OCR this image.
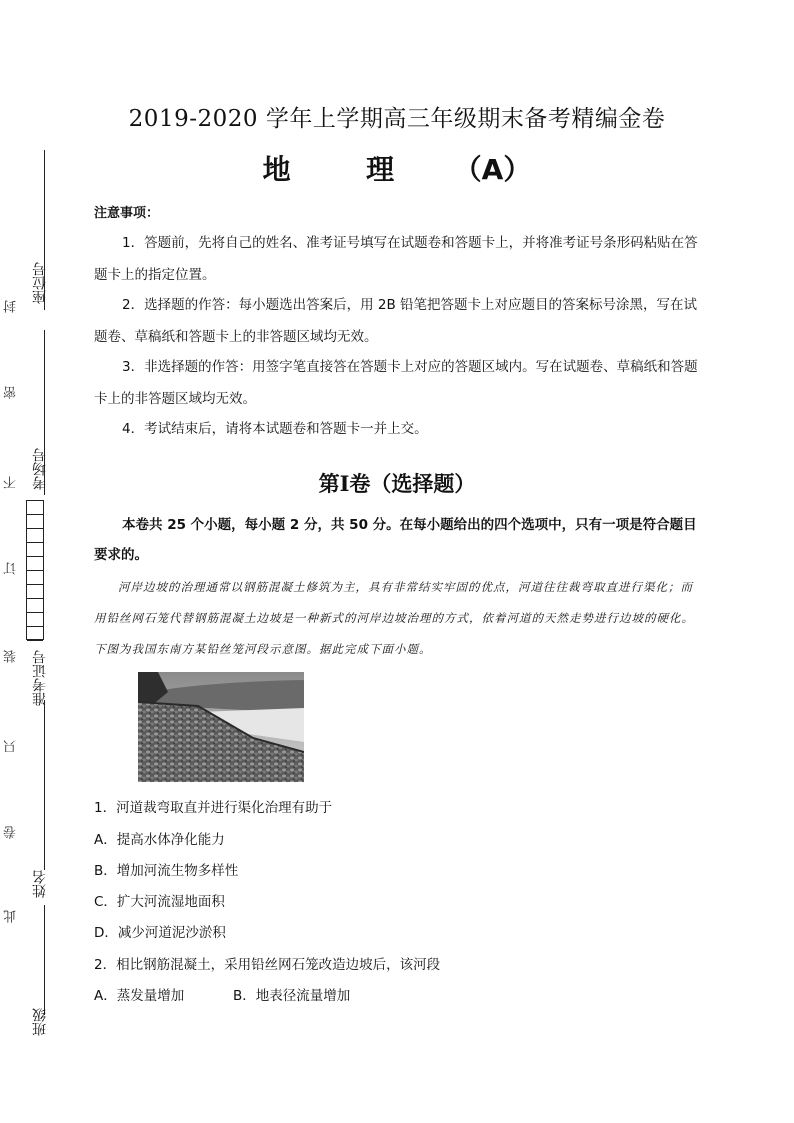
座位号
考场号
准考证号
姓名
班级
封
密
不
订
装
只
卷
此
2019-2020 学年上学期高三年级期末备考精编金卷
地	理 （A）
注意事项：
1．答题前，先将自己的姓名、准考证号填写在试题卷和答题卡上，并将准考证号条形码粘贴在答题卡上的指定位置。
2．选择题的作答：每小题选出答案后，用 2B 铅笔把答题卡上对应题目的答案标号涂黑，写在试题卷、草稿纸和答题卡上的非答题区域均无效。
3．非选择题的作答：用签字笔直接答在答题卡上对应的答题区域内。写在试题卷、草稿纸和答题卡上的非答题区域均无效。
4．考试结束后，请将本试题卷和答题卡一并上交。
第Ⅰ卷（选择题）
本卷共 25 个小题，每小题 2 分，共 50 分。在每小题给出的四个选项中，只有一项是符合题目要求的。
河岸边坡的治理通常以钢筋混凝土修筑为主，具有非常结实牢固的优点，河道往往裁弯取直进行渠化；而用铅丝网石笼代替钢筋混凝土边坡是一种新式的河岸边坡治理的方式，依着河道的天然走势进行边坡的硬化。下图为我国东南方某铅丝笼河段示意图。据此完成下面小题。
1．河道裁弯取直并进行渠化治理有助于
A．提高水体净化能力
B．增加河流生物多样性
C．扩大河流湿地面积
D．减少河道泥沙淤积
2．相比钢筋混凝土，采用铅丝网石笼改造边坡后，该河段
A．蒸发量增加	B．地表径流量增加
